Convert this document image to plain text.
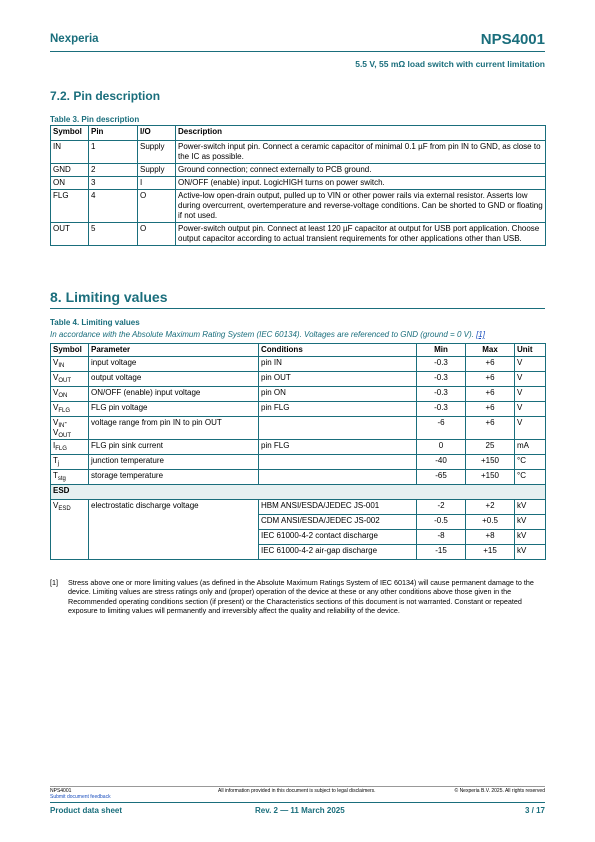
Nexperia	NPS4001
5.5 V, 55 mΩ load switch with current limitation
7.2. Pin description
Table 3. Pin description
Symbol	Pin	I/O	Description
IN	1	Supply	Power-switch input pin. Connect a ceramic capacitor of minimal 0.1 µF from pin IN to GND, as close to the IC as possible.
GND	2	Supply	Ground connection; connect externally to PCB ground.
ON	3	I	ON/OFF (enable) input. LogicHIGH turns on power switch.
FLG	4	O	Active-low open-drain output, pulled up to VIN or other power rails via external resistor. Asserts low during overcurrent, overtemperature and reverse-voltage conditions. Can be shorted to GND or floating if not used.
OUT	5	O	Power-switch output pin. Connect at least 120 µF capacitor at output for USB port application. Choose output capacitor according to actual transient requirements for other applications other than USB.
8. Limiting values
Table 4. Limiting values
In accordance with the Absolute Maximum Rating System (IEC 60134). Voltages are referenced to GND (ground = 0 V). [1]
Symbol	Parameter	Conditions	Min	Max	Unit
$V_{IN}$	input voltage	pin IN	-0.3	+6	V
$V_{OUT}$	output voltage	pin OUT	-0.3	+6	V
$V_{ON}$	ON/OFF (enable) input voltage	pin ON	-0.3	+6	V
$V_{FLG}$	FLG pin voltage	pin FLG	-0.3	+6	V
$V_{IN}-$
$V_{OUT}$	voltage range from pin IN to pin OUT		-6	+6	V
$I_{FLG}$	FLG pin sink current	pin FLG	0	25	mA
$T_j$	junction temperature		-40	+150	°C
$T_{stg}$	storage temperature		-65	+150	°C
ESD					
$V_{ESD}$	electrostatic discharge voltage	HBM ANSI/ESDA/JEDEC JS-001	-2	+2	kV
		CDM ANSI/ESDA/JEDEC JS-002	-0.5	+0.5	kV
		IEC 61000-4-2 contact discharge	-8	+8	kV
		IEC 61000-4-2 air-gap discharge	-15	+15	kV
[1] Stress above one or more limiting values (as defined in the Absolute Maximum Ratings System of IEC 60134) will cause permanent damage to the device. Limiting values are stress ratings only and (proper) operation of the device at these or any other conditions above those given in the Recommended operating conditions section (if present) or the Characteristics sections of this document is not warranted. Constant or repeated exposure to limiting values will permanently and irreversibly affect the quality and reliability of the device.
NPS4001
Submit document feedback
All information provided in this document is subject to legal disclaimers.	© Nexperia B.V. 2025. All rights reserved
Product data sheet	Rev. 2 — 11 March 2025	3 / 17
